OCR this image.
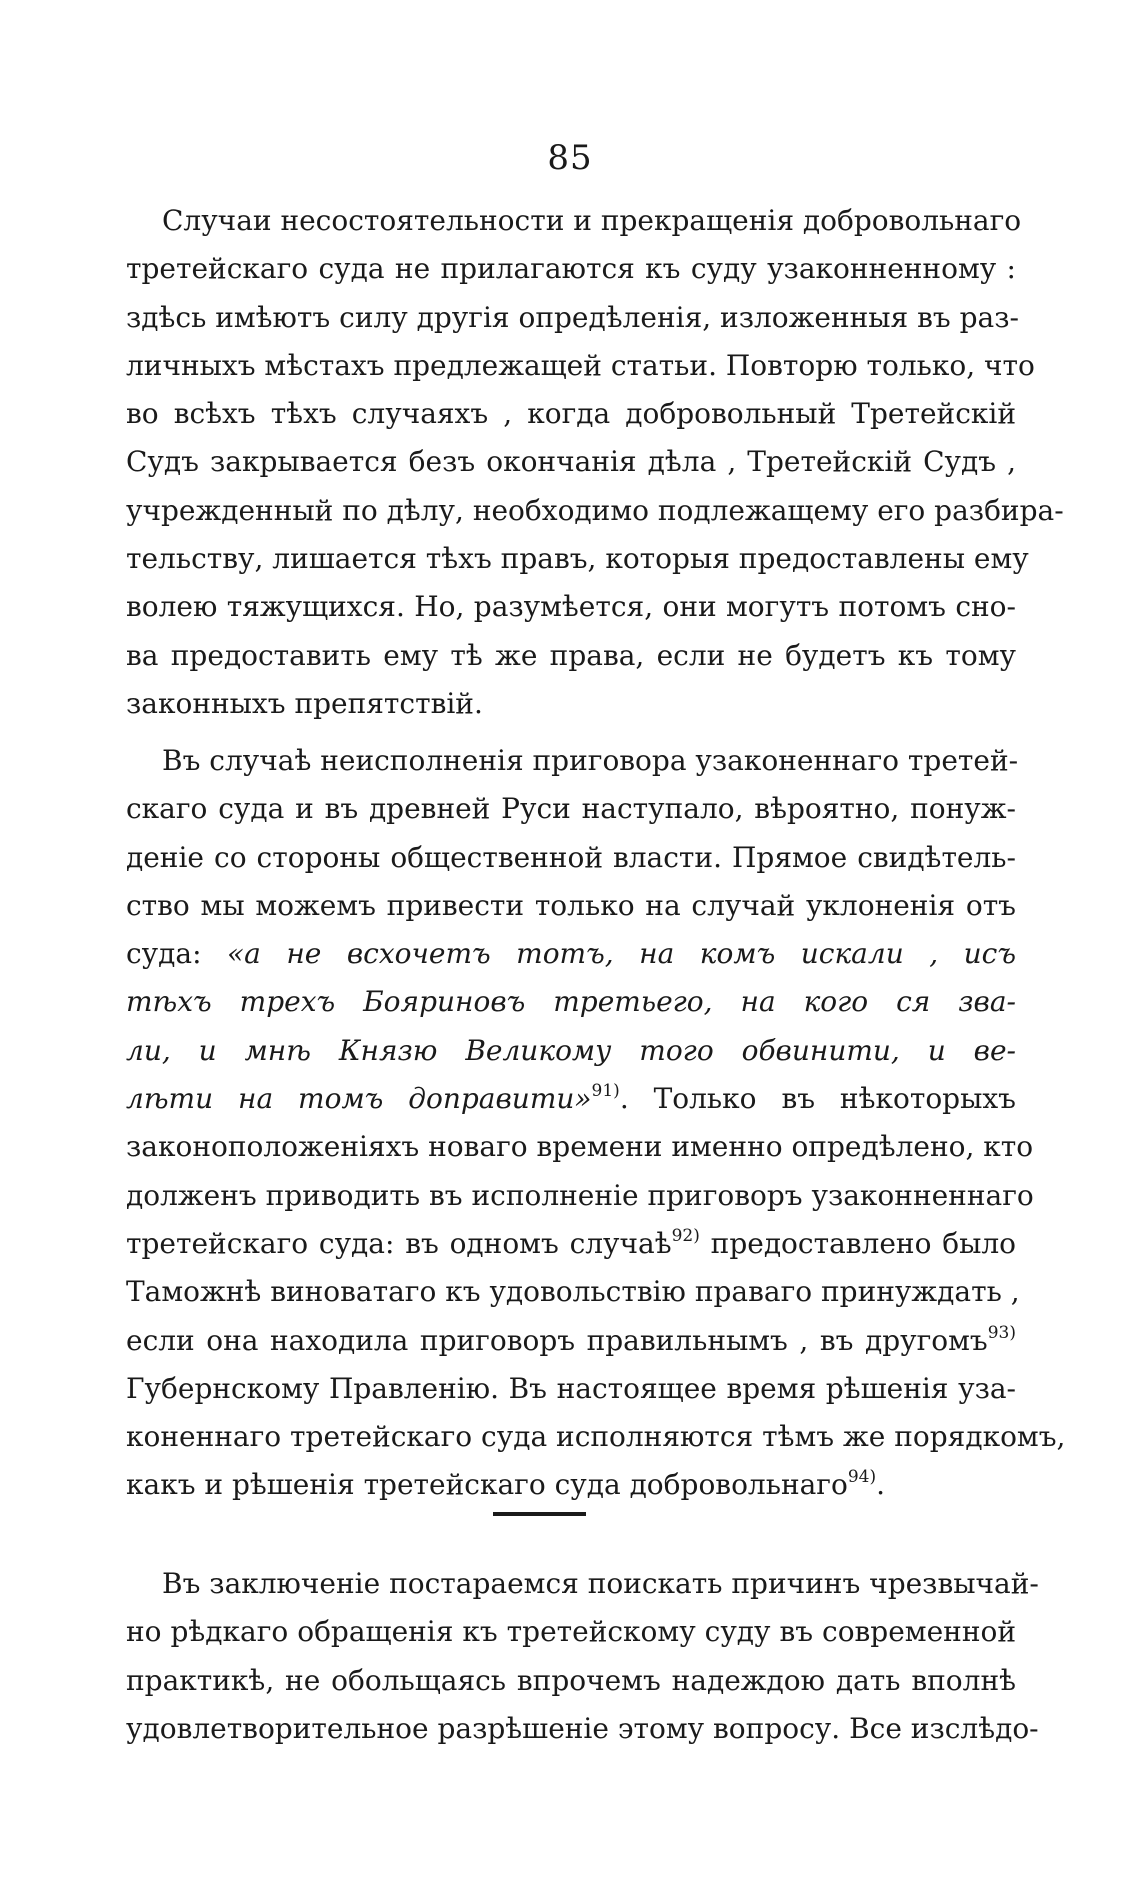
85
Случаи несостоятельности и прекращенія добровольнаго
третейскаго суда не прилагаются къ суду узаконненному :
здѣсь имѣютъ силу другія опредѣленія, изложенныя въ раз-
личныхъ мѣстахъ предлежащей статьи. Повторю только, что
во всѣхъ тѣхъ случаяхъ , когда добровольный Третейскій
Судъ закрывается безъ окончанія дѣла , Третейскій Судъ ,
учрежденный по дѣлу, необходимо подлежащему его разбира-
тельству, лишается тѣхъ правъ, которыя предоставлены ему
волею тяжущихся. Но, разумѣется, они могутъ потомъ сно-
ва предоставить ему тѣ же права, если не будетъ къ тому
законныхъ препятствій.
Въ случаѣ неисполненія приговора узаконеннаго третей-
скаго суда и въ древней Руси наступало, вѣроятно, понуж-
деніе со стороны общественной власти. Прямое свидѣтель-
ство мы можемъ привести только на случай уклоненія отъ
суда: «а не всхочетъ тотъ, на комъ искали , исъ
тѣхъ трехъ Бояриновъ третьего, на кого ся зва-
ли, и мнѣ Князю Великому того обвинити, и ве-
лѣти на томъ доправити»$^{91)}$. Только въ нѣкоторыхъ
законоположеніяхъ новаго времени именно опредѣлено, кто
долженъ приводить въ исполненіе приговоръ узаконненнаго
третейскаго суда: въ одномъ случаѣ$^{92)}$ предоставлено было
Таможнѣ виноватаго къ удовольствію праваго принуждать ,
если она находила приговоръ правильнымъ , въ другомъ$^{93)}$
Губернскому Правленію. Въ настоящее время рѣшенія уза-
коненнаго третейскаго суда исполняются тѣмъ же порядкомъ,
какъ и рѣшенія третейскаго суда добровольнаго$^{94)}$.
Въ заключеніе постараемся поискать причинъ чрезвычай-
но рѣдкаго обращенія къ третейскому суду въ современной
практикѣ, не обольщаясь впрочемъ надеждою дать вполнѣ
удовлетворительное разрѣшеніе этому вопросу. Все изслѣдо-
